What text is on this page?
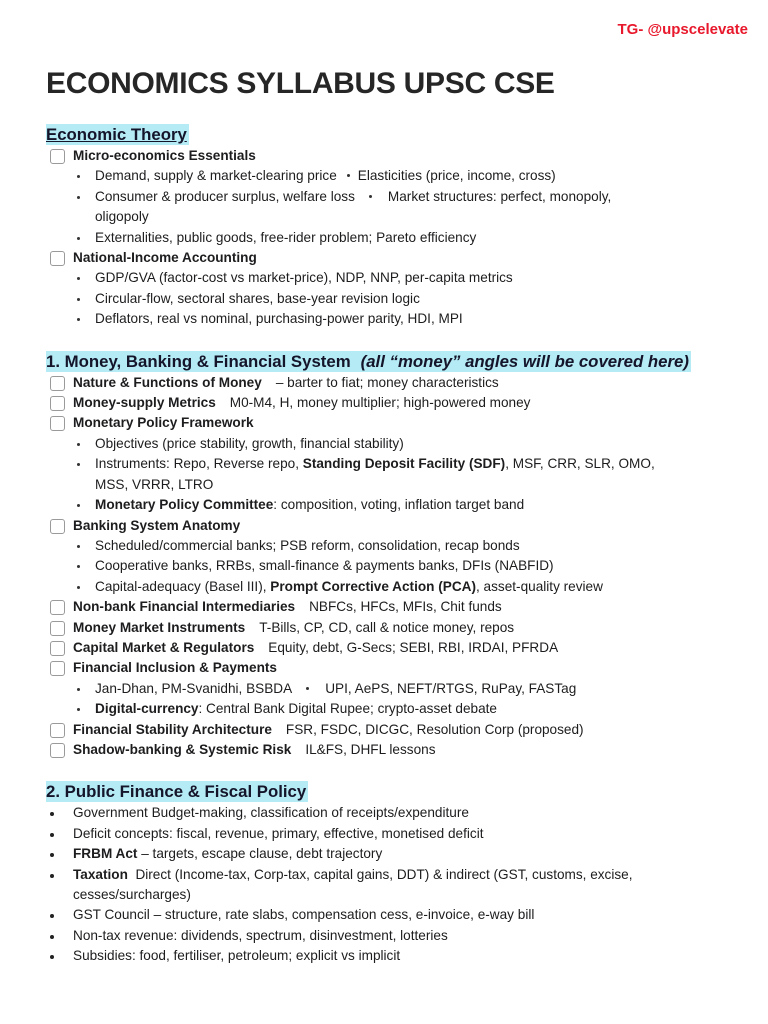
TG- @upscelevate
ECONOMICS SYLLABUS UPSC CSE
Economic Theory
Micro-economics Essentials
Demand, supply & market-clearing price Elasticities (price, income, cross)
Consumer & producer surplus, welfare loss Market structures: perfect, monopoly,
oligopoly
Externalities, public goods, free-rider problem; Pareto efficiency
National-Income Accounting
GDP/GVA (factor-cost vs market-price), NDP, NNP, per-capita metrics
Circular-flow, sectoral shares, base-year revision logic
Deflators, real vs nominal, purchasing-power parity, HDI, MPI
1. Money, Banking & Financial System (all “money” angles will be covered here)
Nature & Functions of Money – barter to fiat; money characteristics
Money-supply Metrics M0-M4, H, money multiplier; high-powered money
Monetary Policy Framework
Objectives (price stability, growth, financial stability)
Instruments: Repo, Reverse repo, Standing Deposit Facility (SDF), MSF, CRR, SLR, OMO,
MSS, VRRR, LTRO
Monetary Policy Committee: composition, voting, inflation target band
Banking System Anatomy
Scheduled/commercial banks; PSB reform, consolidation, recap bonds
Cooperative banks, RRBs, small-finance & payments banks, DFIs (NABFID)
Capital-adequacy (Basel III), Prompt Corrective Action (PCA), asset-quality review
Non-bank Financial Intermediaries NBFCs, HFCs, MFIs, Chit funds
Money Market Instruments T-Bills, CP, CD, call & notice money, repos
Capital Market & Regulators Equity, debt, G-Secs; SEBI, RBI, IRDAI, PFRDA
Financial Inclusion & Payments
Jan-Dhan, PM-Svanidhi, BSBDA UPI, AePS, NEFT/RTGS, RuPay, FASTag
Digital-currency: Central Bank Digital Rupee; crypto-asset debate
Financial Stability Architecture FSR, FSDC, DICGC, Resolution Corp (proposed)
Shadow-banking & Systemic Risk IL&FS, DHFL lessons
2. Public Finance & Fiscal Policy
Government Budget-making, classification of receipts/expenditure
Deficit concepts: fiscal, revenue, primary, effective, monetised deficit
FRBM Act – targets, escape clause, debt trajectory
Taxation  Direct (Income-tax, Corp-tax, capital gains, DDT) & indirect (GST, customs, excise,
cesses/surcharges)
GST Council – structure, rate slabs, compensation cess, e-invoice, e-way bill
Non-tax revenue: dividends, spectrum, disinvestment, lotteries
Subsidies: food, fertiliser, petroleum; explicit vs implicit
